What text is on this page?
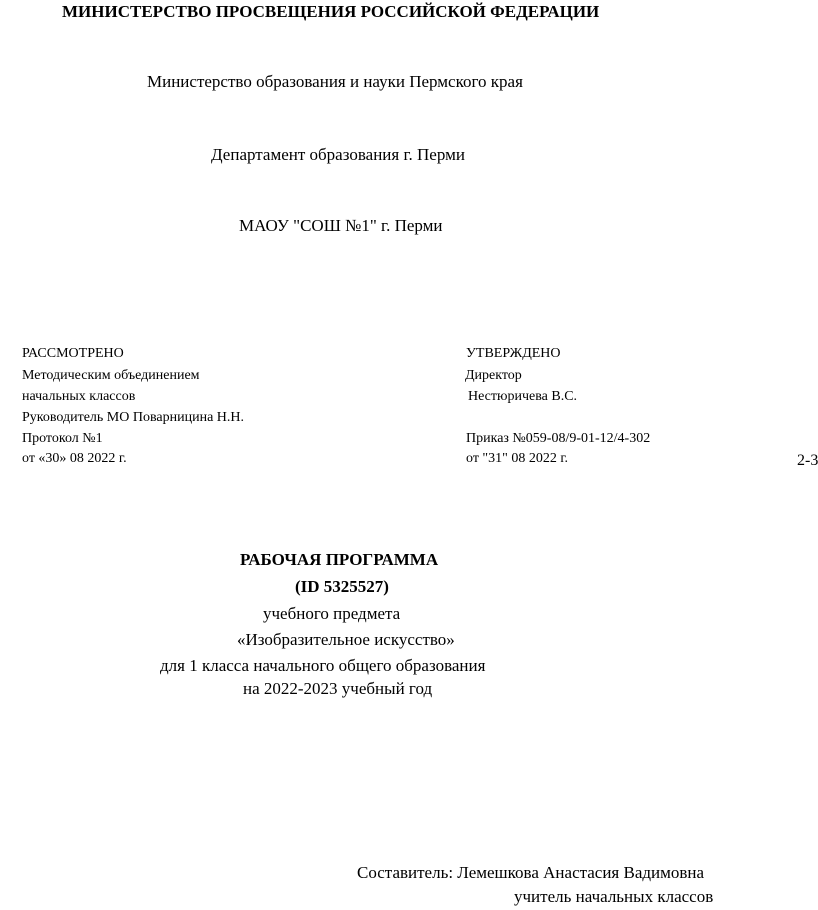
МИНИСТЕРСТВО ПРОСВЕЩЕНИЯ РОССИЙСКОЙ ФЕДЕРАЦИИ
Министерство образования и науки Пермского края
Департамент образования г. Перми
МАОУ "СОШ №1" г. Перми
РАССМОТРЕНО
Методическим объединением
начальных классов
Руководитель МО Поварницина Н.Н.
Протокол №1
от «30» 08 2022 г.
УТВЕРЖДЕНО
Директор
Нестюричева В.С.
Приказ №059-08/9-01-12/4-302
от "31" 08 2022 г.	2-3
РАБОЧАЯ ПРОГРАММА
(ID 5325527)
учебного предмета
«Изобразительное искусство»
для 1 класса начального общего образования
на 2022-2023 учебный год
Составитель: Лемешкова Анастасия Вадимовна
учитель начальных классов
